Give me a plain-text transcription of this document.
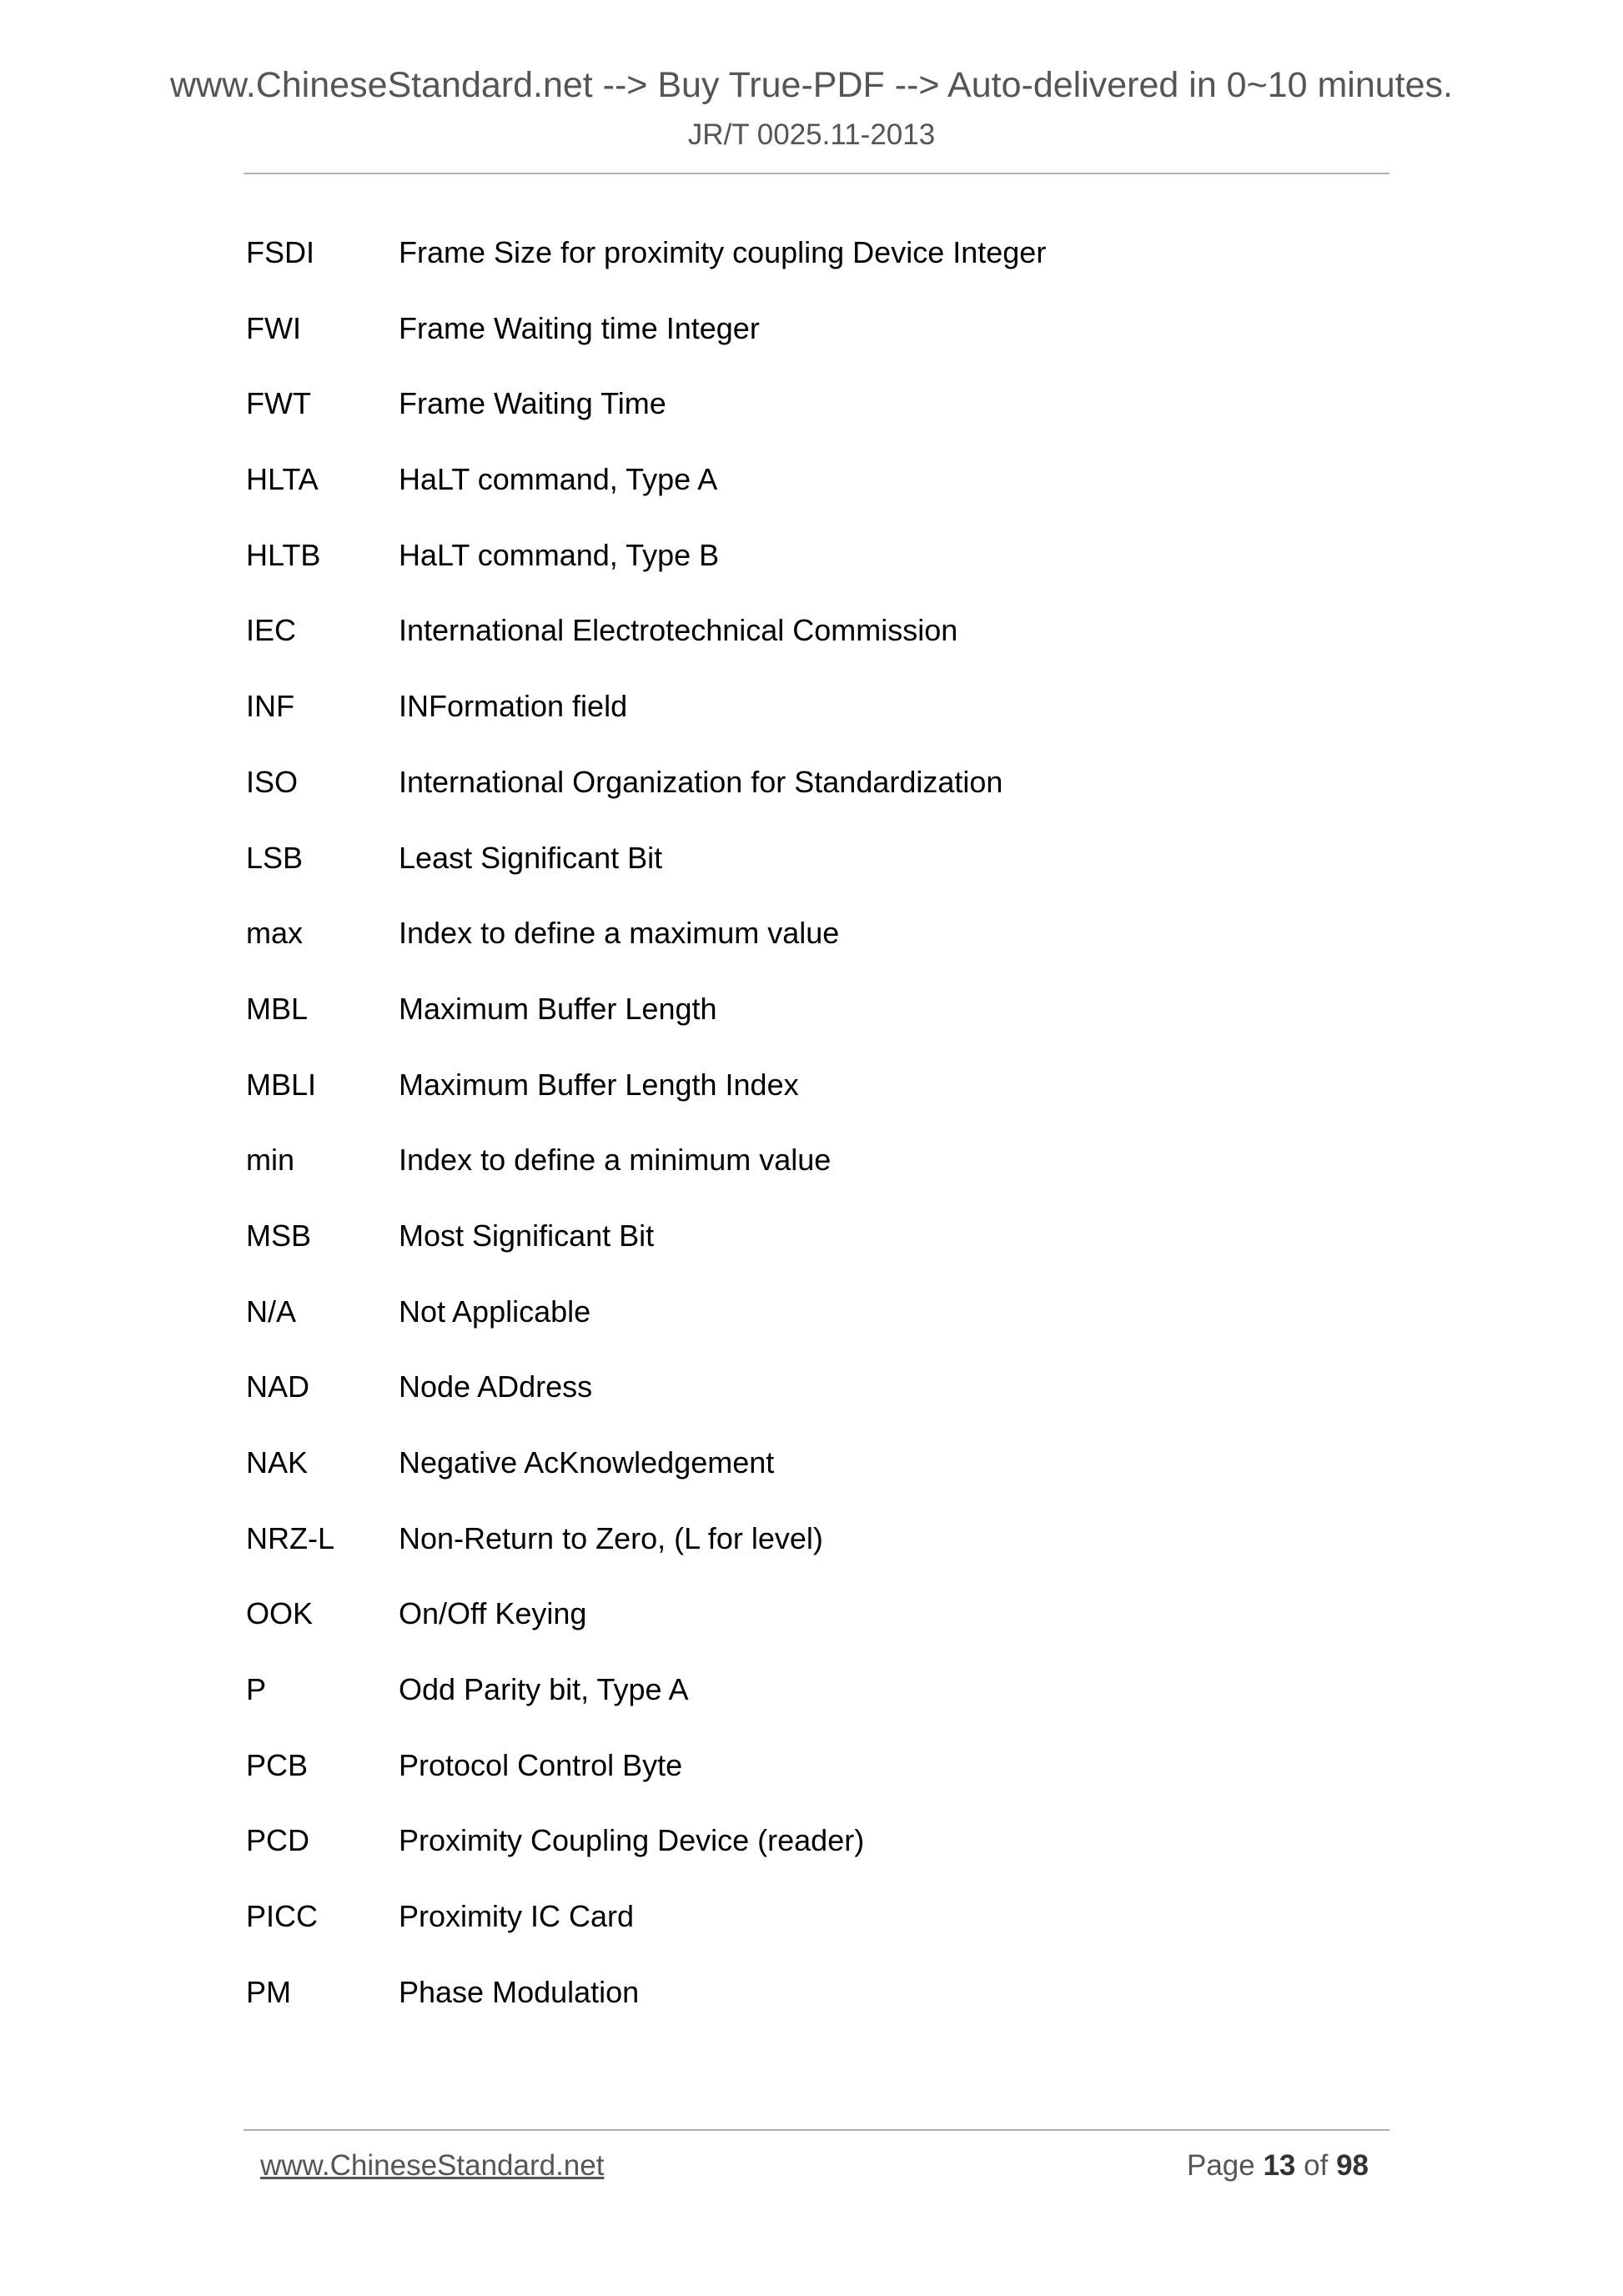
www.ChineseStandard.net --> Buy True-PDF --> Auto-delivered in 0~10 minutes.
JR/T 0025.11-2013
FSDI	Frame Size for proximity coupling Device Integer
FWI	Frame Waiting time Integer
FWT	Frame Waiting Time
HLTA	HaLT command, Type A
HLTB	HaLT command, Type B
IEC	International Electrotechnical Commission
INF	INFormation field
ISO	International Organization for Standardization
LSB	Least Significant Bit
max	Index to define a maximum value
MBL	Maximum Buffer Length
MBLI	Maximum Buffer Length Index
min	Index to define a minimum value
MSB	Most Significant Bit
N/A	Not Applicable
NAD	Node ADdress
NAK	Negative AcKnowledgement
NRZ-L Non-Return to Zero, (L for level)
OOK	On/Off Keying
P	Odd Parity bit, Type A
PCB	Protocol Control Byte
PCD	Proximity Coupling Device (reader)
PICC	Proximity IC Card
PM	Phase Modulation
www.ChineseStandard.net	Page 13 of 98
